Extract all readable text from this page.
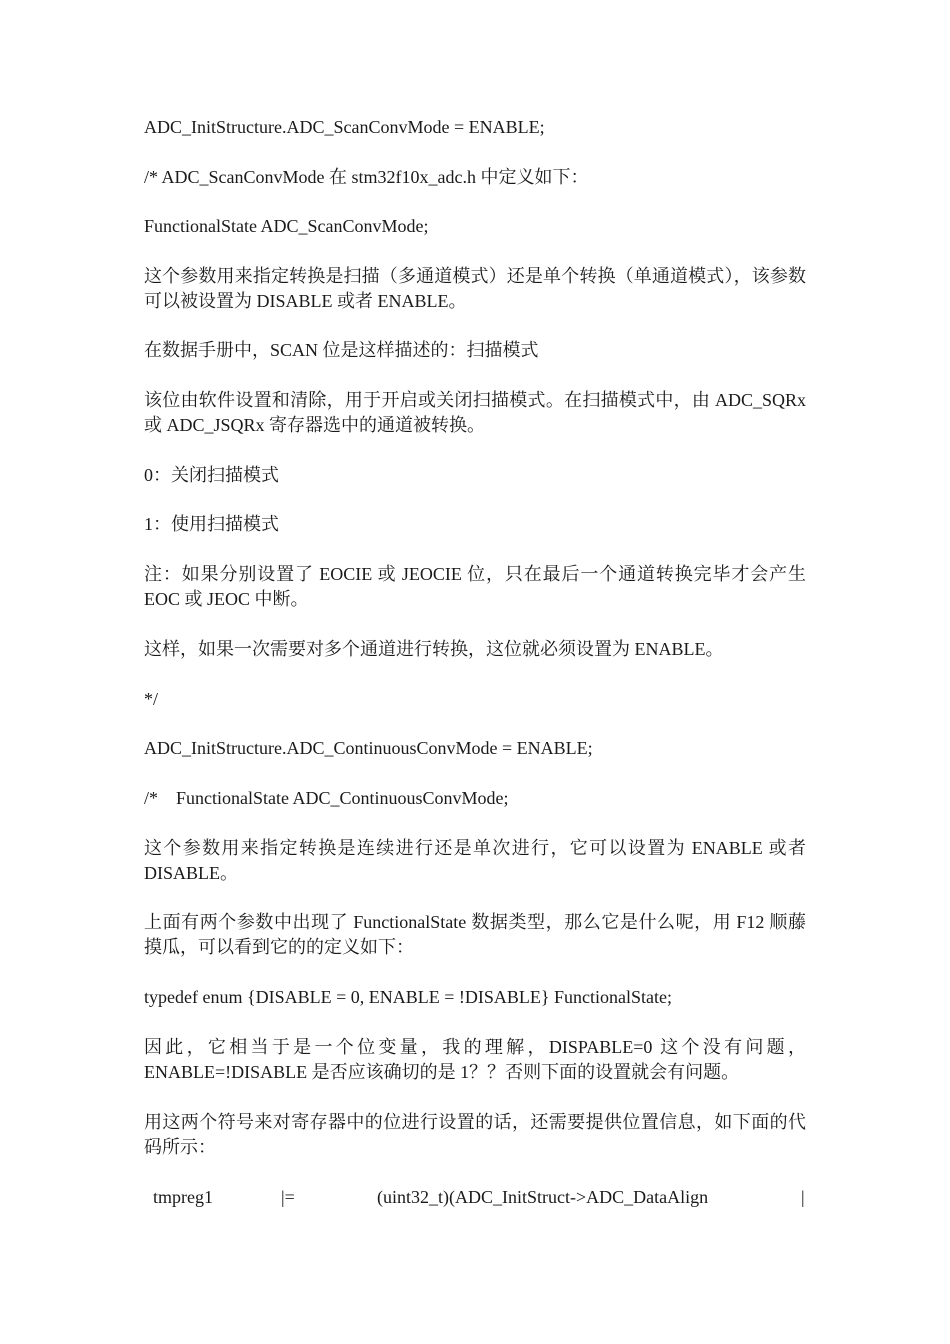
ADC_InitStructure.ADC_ScanConvMode = ENABLE;

/* ADC_ScanConvMode 在 stm32f10x_adc.h 中定义如下：

FunctionalState ADC_ScanConvMode;

这个参数用来指定转换是扫描（多通道模式）还是单个转换（单通道模式），该参数可以被设置为 DISABLE 或者 ENABLE。

在数据手册中，SCAN 位是这样描述的：扫描模式

该位由软件设置和清除，用于开启或关闭扫描模式。在扫描模式中，由 ADC_SQRx 或 ADC_JSQRx 寄存器选中的通道被转换。

0：关闭扫描模式

1：使用扫描模式

注：如果分别设置了 EOCIE 或 JEOCIE 位，只在最后一个通道转换完毕才会产生 EOC 或 JEOC 中断。

这样，如果一次需要对多个通道进行转换，这位就必须设置为 ENABLE。

*/

ADC_InitStructure.ADC_ContinuousConvMode = ENABLE;

/*    FunctionalState ADC_ContinuousConvMode;

这个参数用来指定转换是连续进行还是单次进行，它可以设置为 ENABLE 或者 DISABLE。

上面有两个参数中出现了 FunctionalState 数据类型，那么它是什么呢，用 F12 顺藤摸瓜，可以看到它的的定义如下：

typedef enum {DISABLE = 0, ENABLE = !DISABLE} FunctionalState;

因此，它相当于是一个位变量，我的理解，DISPABLE=0 这个没有问题，ENABLE=!DISABLE 是否应该确切的是 1？？否则下面的设置就会有问题。

用这两个符号来对寄存器中的位进行设置的话，还需要提供位置信息，如下面的代码所示：

tmpreg1	|=	(uint32_t)(ADC_InitStruct->ADC_DataAlign	|
